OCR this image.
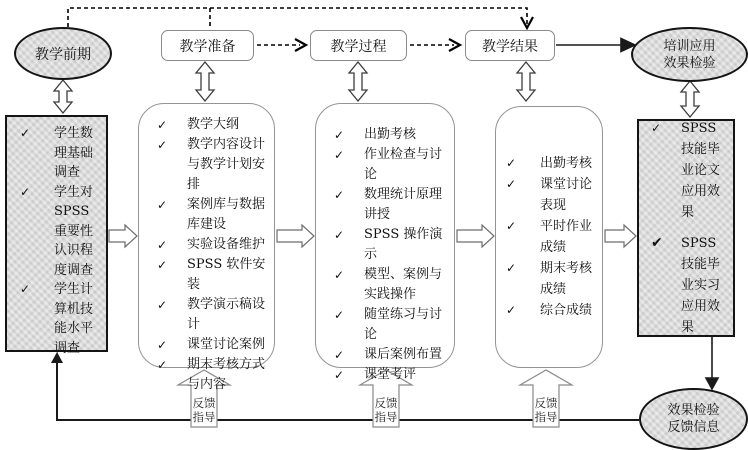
教学前期	教学准备	教学过程	教学结果	培训应用
效果检验
✓	学生数理基础调查
✓	学生对 SPSS 重要性认识程度调查
✓	学生计算机技能水平调查
✓	教学大纲
✓	教学内容设计与教学计划安排
✓	案例库与数据库建设
✓	实验设备维护
✓	SPSS 软件安装
✓	教学演示稿设计
✓	课堂讨论案例
✓	期末考核方式与内容
✓	出勤考核
✓	作业检查与讨论
✓	数理统计原理讲授
✓	SPSS 操作演示
✓	模型、案例与实践操作
✓	随堂练习与讨论
✓	课后案例布置
✓	课堂考评
✓	出勤考核
✓	课堂讨论表现
✓	平时作业成绩
✓	期末考核成绩
✓	综合成绩
✓	SPSS 技能毕业论文应用效果
✔	SPSS 技能毕业实习应用效果
效果检验
反馈信息
反馈
指导
反馈
指导
反馈
指导
